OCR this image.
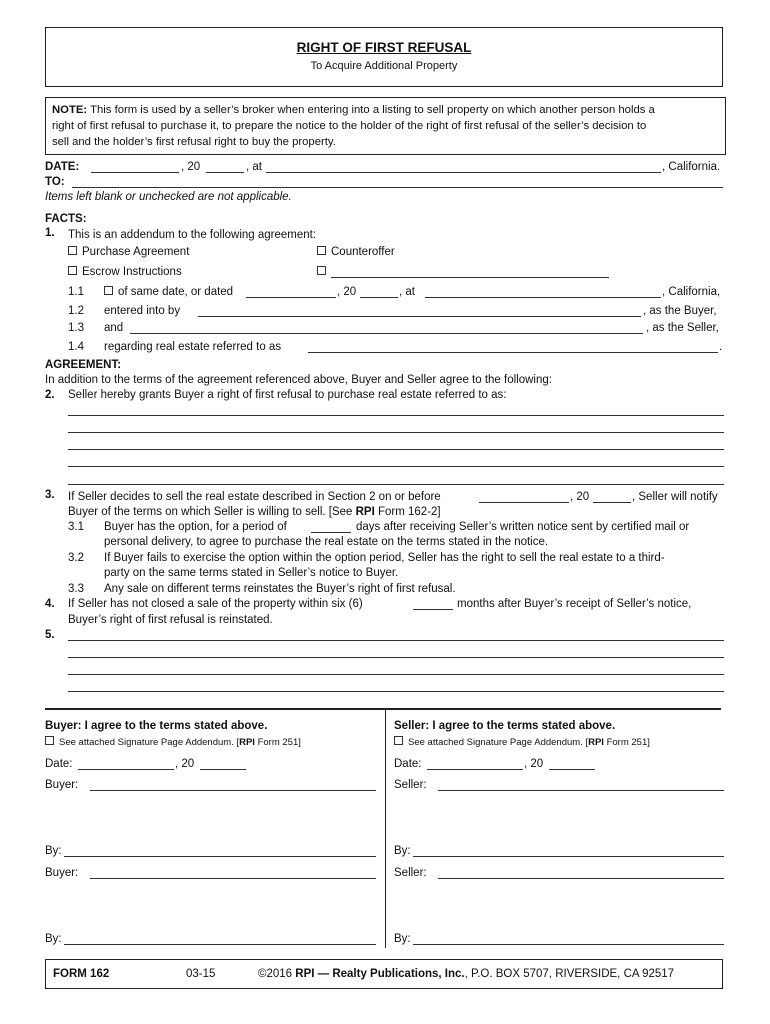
RIGHT OF FIRST REFUSAL
To Acquire Additional Property
NOTE: This form is used by a seller’s broker when entering into a listing to sell property on which another person holds a
right of first refusal to purchase it, to prepare the notice to the holder of the right of first refusal of the seller’s decision to
sell and the holder’s first refusal right to buy the property.
DATE:	, 20	, at	, California.
TO:
Items left blank or unchecked are not applicable.
FACTS:
1. This is an addendum to the following agreement:
Purchase Agreement	Counteroffer
Escrow Instructions
1.1	of same date, or dated	, 20	, at	, California,
1.2 entered into by	, as the Buyer,
1.3 and	, as the Seller,
1.4 regarding real estate referred to as	.
AGREEMENT:
In addition to the terms of the agreement referenced above, Buyer and Seller agree to the following:
2. Seller hereby grants Buyer a right of first refusal to purchase real estate referred to as:
3. If Seller decides to sell the real estate described in Section 2 on or before	, 20	, Seller will notify
Buyer of the terms on which Seller is willing to sell. [See RPI Form 162-2]
3.1 Buyer has the option, for a period of	days after receiving Seller’s written notice sent by certified mail or
personal delivery, to agree to purchase the real estate on the terms stated in the notice.
3.2 If Buyer fails to exercise the option within the option period, Seller has the right to sell the real estate to a third-
party on the same terms stated in Seller’s notice to Buyer.
3.3 Any sale on different terms reinstates the Buyer’s right of first refusal.
4. If Seller has not closed a sale of the property within six (6)	months after Buyer’s receipt of Seller’s notice,
Buyer’s right of first refusal is reinstated.
5.
Buyer: I agree to the terms stated above.
See attached Signature Page Addendum. [RPI Form 251]
Date:	, 20
Buyer:
By:
Buyer:
By:
Seller: I agree to the terms stated above.
See attached Signature Page Addendum. [RPI Form 251]
Date:	, 20
Seller:
By:
Seller:
By:
FORM 162	03-15	©2016 RPI — Realty Publications, Inc., P.O. BOX 5707, RIVERSIDE, CA 92517
